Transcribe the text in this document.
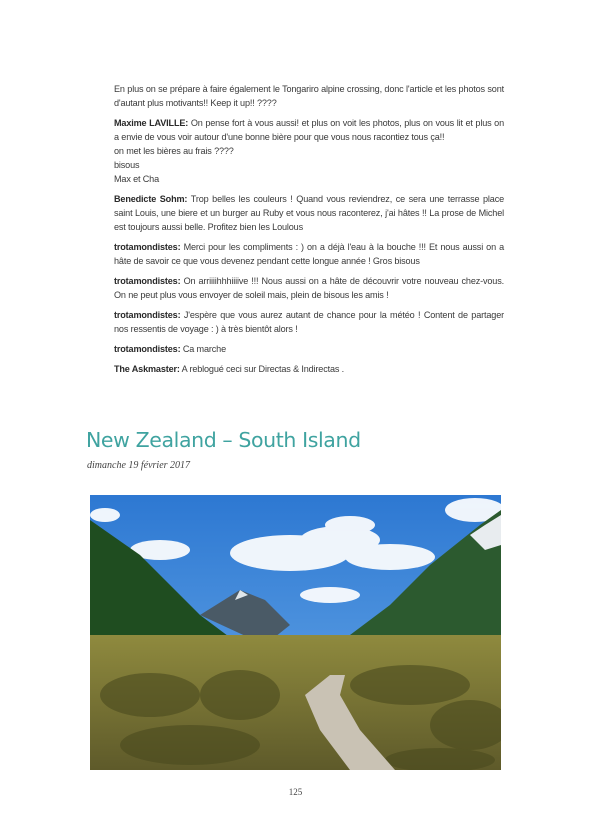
En plus on se prépare à faire également le Tongariro alpine crossing, donc l'article et les photos sont d'autant plus motivants!! Keep it up!! ????

Maxime LAVILLE: On pense fort à vous aussi! et plus on voit les photos, plus on vous lit et plus on a envie de vous voir autour d'une bonne bière pour que vous nous racontiez tous ça!!
on met les bières au frais ????
bisous
Max et Cha

Benedicte Sohm: Trop belles les couleurs ! Quand vous reviendrez, ce sera une terrasse place saint Louis, une biere et un burger au Ruby et vous nous raconterez, j'ai hâtes !! La prose de Michel est toujours aussi belle. Profitez bien les Loulous

trotamondistes: Merci pour les compliments : ) on a déjà l'eau à la bouche !!! Et nous aussi on a hâte de savoir ce que vous devenez pendant cette longue année ! Gros bisous

trotamondistes: On arriiiihhhiiiive !!! Nous aussi on a hâte de découvrir votre nouveau chez-vous. On ne peut plus vous envoyer de soleil mais, plein de bisous les amis !

trotamondistes: J'espère que vous aurez autant de chance pour la météo ! Content de partager nos ressentis de voyage : ) à très bientôt alors !

trotamondistes: Ca marche

The Askmaster: A reblogué ceci sur Directas & Indirectas .

New Zealand – South Island
dimanche 19 février 2017
125
